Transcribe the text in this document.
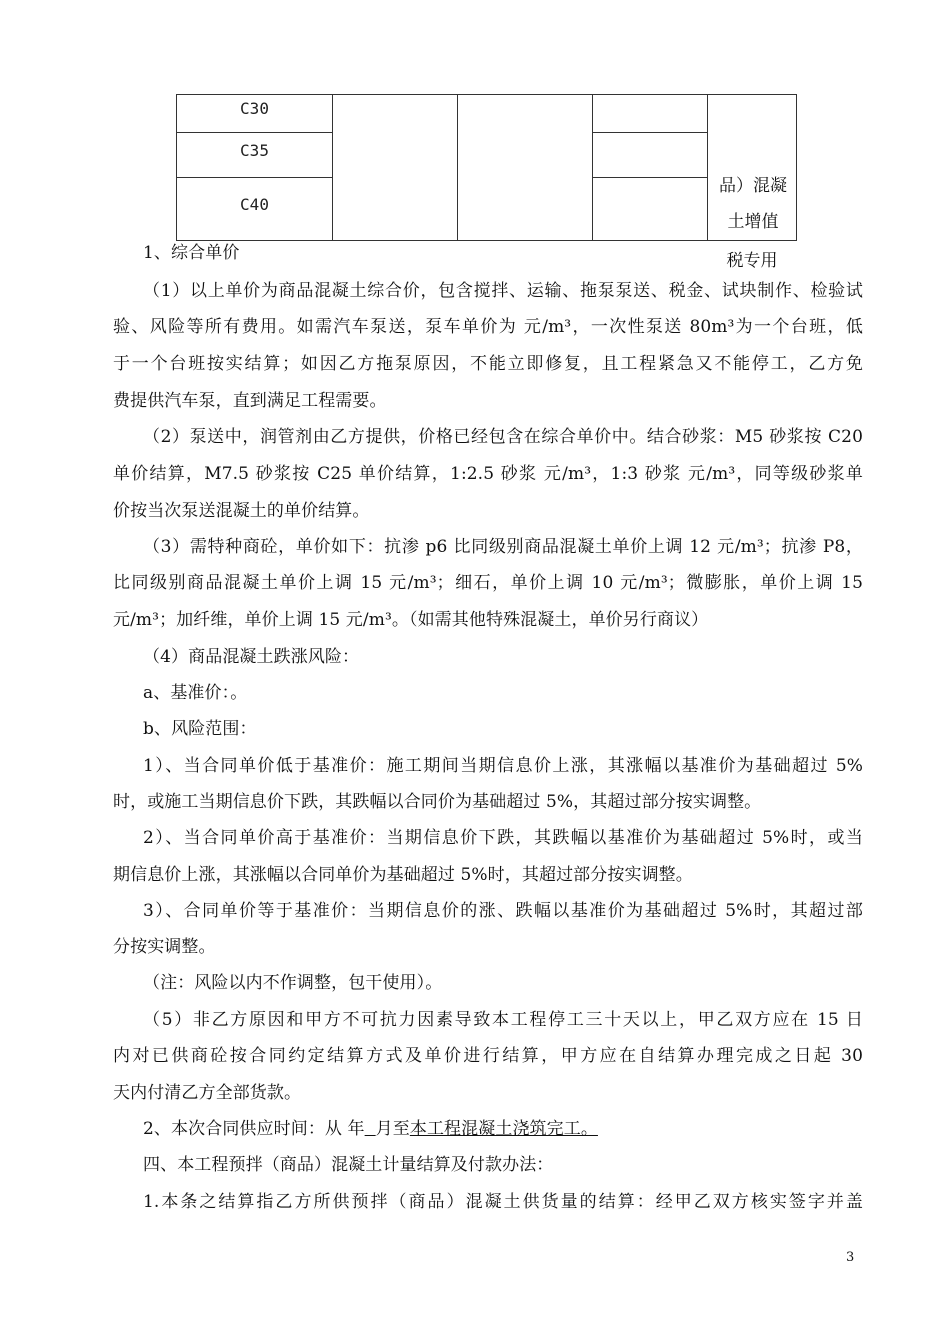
C30
C35
C40
品）混凝
土增值
税专用
1、综合单价
（1）以上单价为商品混凝土综合价，包含搅拌、运输、拖泵泵送、税金、试块制作、检验试
验、风险等所有费用。如需汽车泵送，泵车单价为 元/m³，一次性泵送 80m³为一个台班，低
于一个台班按实结算；如因乙方拖泵原因，不能立即修复，且工程紧急又不能停工，乙方免
费提供汽车泵，直到满足工程需要。
（2）泵送中，润管剂由乙方提供，价格已经包含在综合单价中。结合砂浆：M5 砂浆按 C20
单价结算，M7.5 砂浆按 C25 单价结算，1:2.5 砂浆 元/m³，1:3 砂浆 元/m³，同等级砂浆单
价按当次泵送混凝土的单价结算。
（3）需特种商砼，单价如下：抗渗 p6 比同级别商品混凝土单价上调 12 元/m³；抗渗 P8，
比同级别商品混凝土单价上调 15 元/m³；细石，单价上调 10 元/m³；微膨胀，单价上调 15
元/m³；加纤维，单价上调 15 元/m³。（如需其他特殊混凝土，单价另行商议）
（4）商品混凝土跌涨风险：
a、基准价：。
b、风险范围：
1）、当合同单价低于基准价：施工期间当期信息价上涨，其涨幅以基准价为基础超过 5%
时，或施工当期信息价下跌，其跌幅以合同价为基础超过 5%，其超过部分按实调整。
2）、当合同单价高于基准价：当期信息价下跌，其跌幅以基准价为基础超过 5%时，或当
期信息价上涨，其涨幅以合同单价为基础超过 5%时，其超过部分按实调整。
3）、合同单价等于基准价：当期信息价的涨、跌幅以基准价为基础超过 5%时，其超过部
分按实调整。
（注：风险以内不作调整，包干使用）。
（5）非乙方原因和甲方不可抗力因素导致本工程停工三十天以上，甲乙双方应在 15 日
内对已供商砼按合同约定结算方式及单价进行结算，甲方应在自结算办理完成之日起 30
天内付清乙方全部货款。
2、本次合同供应时间：从 年 月至本工程混凝土浇筑完工。
四、本工程预拌（商品）混凝土计量结算及付款办法：
1.本条之结算指乙方所供预拌（商品）混凝土供货量的结算：经甲乙双方核实签字并盖
3
